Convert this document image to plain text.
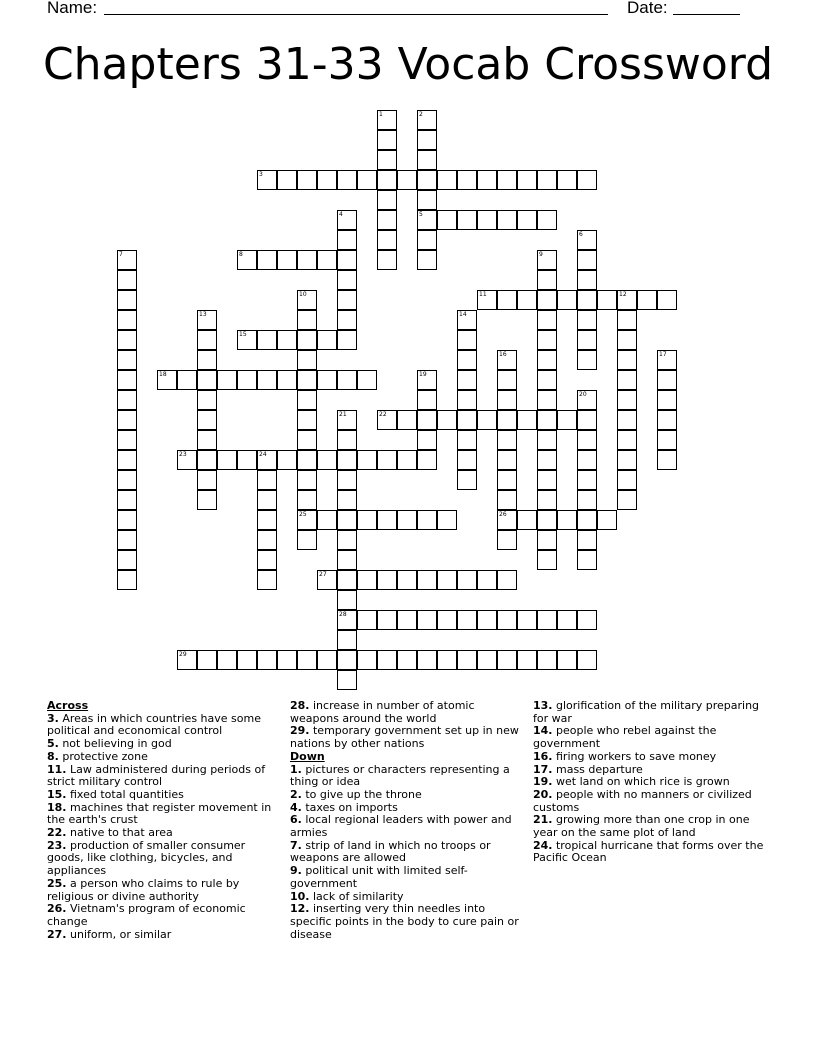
Name:	Date:
Chapters 31-33 Vocab Crossword
3
5
8
11	12
15
18
22
23	24
25	26
27
28
29
1	2
4
6
7	9
10
13	14
16	17
19
20
21
Across
3. Areas in which countries have some political and economical control
5. not believing in god
8. protective zone
11. Law administered during periods of strict military control
15. fixed total quantities
18. machines that register movement in the earth's crust
22. native to that area
23. production of smaller consumer goods, like clothing, bicycles, and appliances
25. a person who claims to rule by religious or divine authority
26. Vietnam's program of economic change
27. uniform, or similar
28. increase in number of atomic weapons around the world
29. temporary government set up in new nations by other nations
Down
1. pictures or characters representing a thing or idea
2. to give up the throne
4. taxes on imports
6. local regional leaders with power and armies
7. strip of land in which no troops or weapons are allowed
9. political unit with limited self-government
10. lack of similarity
12. inserting very thin needles into specific points in the body to cure pain or disease
13. glorification of the military preparing for war
14. people who rebel against the government
16. firing workers to save money
17. mass departure
19. wet land on which rice is grown
20. people with no manners or civilized customs
21. growing more than one crop in one year on the same plot of land
24. tropical hurricane that forms over the Pacific Ocean
